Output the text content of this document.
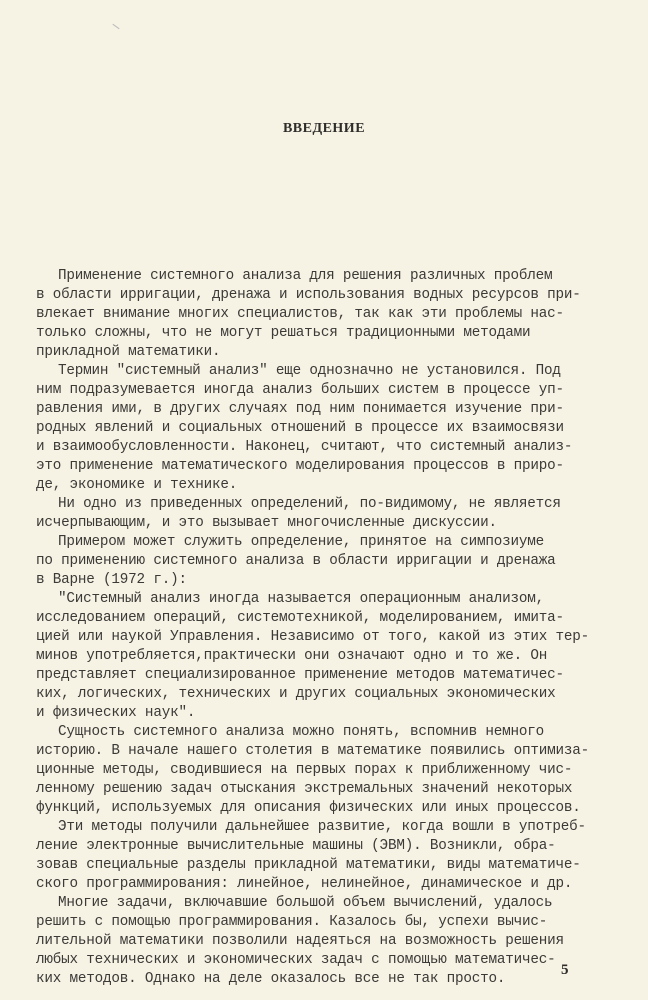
ВВЕДЕНИЕ
Применение системного анализа для решения различных проблем
в области ирригации, дренажа и использования водных ресурсов при-
влекает внимание многих специалистов, так как эти проблемы нас-
только сложны, что не могут решаться традиционными методами
прикладной математики.
Термин "системный анализ" еще однозначно не установился. Под
ним подразумевается иногда анализ больших систем в процессе уп-
равления ими, в других случаях под ним понимается изучение при-
родных явлений и социальных отношений в процессе их взаимосвязи
и взаимообусловленности. Наконец, считают, что системный анализ-
это применение математического моделирования процессов в приро-
де, экономике и технике.
Ни одно из приведенных определений, по-видимому, не является
исчерпывающим, и это вызывает многочисленные дискуссии.
Примером может служить определение, принятое на симпозиуме
по применению системного анализа в области ирригации и дренажа
в Варне (1972 г.):
"Системный анализ иногда называется операционным анализом,
исследованием операций, системотехникой, моделированием, имита-
цией или наукой Управления. Независимо от того, какой из этих тер-
минов употребляется,практически они означают одно и то же. Он
представляет специализированное применение методов математичес-
ких, логических, технических и других социальных экономических
и физических наук".
Сущность системного анализа можно понять, вспомнив немного
историю. В начале нашего столетия в математике появились оптимиза-
ционные методы, сводившиеся на первых порах к приближенному чис-
ленному решению задач отыскания экстремальных значений некоторых
функций, используемых для описания физических или иных процессов.
Эти методы получили дальнейшее развитие, когда вошли в употреб-
ление электронные вычислительные машины (ЭВМ). Возникли, обра-
зовав специальные разделы прикладной математики, виды математиче-
ского программирования: линейное, нелинейное, динамическое и др.
Многие задачи, включавшие большой объем вычислений, удалось
решить с помощью программирования. Казалось бы, успехи вычис-
лительной математики позволили надеяться на возможность решения
любых технических и экономических задач с помощью математичес-
ких методов. Однако на деле оказалось все не так просто.
5
